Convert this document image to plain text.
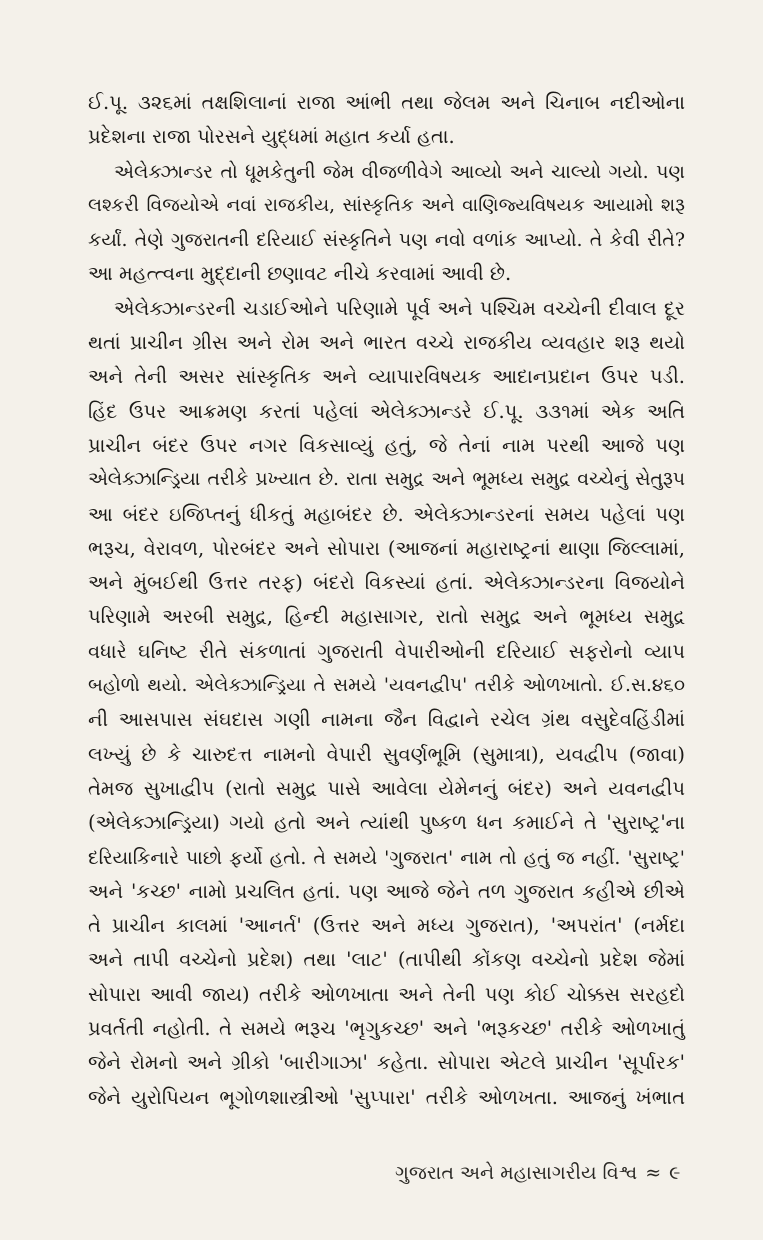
ઈ.પૂ. ૩૨૬માં તક્ષશિલાનાં રાજા આંભી તથા જેલમ અને ચિનાબ નદીઓના
પ્રદેશના રાજા પોરસને યુદ્ધમાં મહાત કર્યા હતા.
એલેક્ઝાન્ડર તો ધૂમકેતુની જેમ વીજળીવેગે આવ્યો અને ચાલ્યો ગયો. પણ
લશ્કરી વિજયોએ નવાં રાજકીય, સાંસ્કૃતિક અને વાણિજ્યવિષયક આયામો શરૂ
કર્યાં. તેણે ગુજરાતની દરિયાઈ સંસ્કૃતિને પણ નવો વળાંક આપ્યો. તે કેવી રીતે?
આ મહત્ત્વના મુદ્દાની છણાવટ નીચે કરવામાં આવી છે.
એલેક્ઝાન્ડરની ચડાઈઓને પરિણામે પૂર્વ અને પશ્ચિમ વચ્ચેની દીવાલ દૂર
થતાં પ્રાચીન ગ્રીસ અને રોમ અને ભારત વચ્ચે રાજકીય વ્યવહાર શરૂ થયો
અને તેની અસર સાંસ્કૃતિક અને વ્યાપારવિષયક આદાનપ્રદાન ઉપર પડી.
હિંદ ઉપર આક્રમણ કરતાં પહેલાં એલેક્ઝાન્ડરે ઈ.પૂ. ૩૩૧માં એક અતિ
પ્રાચીન બંદર ઉપર નગર વિકસાવ્યું હતું, જે તેનાં નામ પરથી આજે પણ
એલેક્ઝાન્ડ્રિયા તરીકે પ્રખ્યાત છે. રાતા સમુદ્ર અને ભૂમધ્ય સમુદ્ર વચ્ચેનું સેતુરૂપ
આ બંદર ઇજિપ્તનું ધીકતું મહાબંદર છે. એલેક્ઝાન્ડરનાં સમય પહેલાં પણ
ભરૂચ, વેરાવળ, પોરબંદર અને સોપારા (આજનાં મહારાષ્ટ્રનાં થાણા જિલ્લામાં,
અને મુંબઈથી ઉત્તર તરફ) બંદરો વિકસ્યાં હતાં. એલેક્ઝાન્ડરના વિજયોને
પરિણામે અરબી સમુદ્ર, હિન્દી મહાસાગર, રાતો સમુદ્ર અને ભૂમધ્ય સમુદ્ર
વધારે ઘનિષ્ટ રીતે સંકળાતાં ગુજરાતી વેપારીઓની દરિયાઈ સફરોનો વ્યાપ
બહોળો થયો. એલેક્ઝાન્ડ્રિયા તે સમયે 'યવનદ્વીપ' તરીકે ઓળખાતો. ઈ.સ.૪૬૦
ની આસપાસ સંઘદાસ ગણી નામના જૈન વિદ્વાને રચેલ ગ્રંથ વસુદેવહિંડીમાં
લખ્યું છે કે ચારુદત્ત નામનો વેપારી સુવર્ણભૂમિ (સુમાત્રા), યવદ્વીપ (જાવા)
તેમજ સુખાદ્વીપ (રાતો સમુદ્ર પાસે આવેલા યેમેનનું બંદર) અને યવનદ્વીપ
(એલેક્ઝાન્ડ્રિયા) ગયો હતો અને ત્યાંથી પુષ્કળ ધન કમાઈને તે 'સુરાષ્ટ્ર'ના
દરિયાકિનારે પાછો ફર્યો હતો. તે સમયે 'ગુજરાત' નામ તો હતું જ નહીં. 'સુરાષ્ટ્ર'
અને 'કચ્છ' નામો પ્રચલિત હતાં. પણ આજે જેને તળ ગુજરાત કહીએ છીએ
તે પ્રાચીન કાલમાં 'આનર્ત' (ઉત્તર અને મધ્ય ગુજરાત), 'અપરાંત' (નર્મદા
અને તાપી વચ્ચેનો પ્રદેશ) તથા 'લાટ' (તાપીથી કોંકણ વચ્ચેનો પ્રદેશ જેમાં
સોપારા આવી જાય) તરીકે ઓળખાતા અને તેની પણ કોઈ ચોક્કસ સરહદો
પ્રવર્તતી નહોતી. તે સમયે ભરૂચ 'ભૃગુકચ્છ' અને 'ભરૂકચ્છ' તરીકે ઓળખાતું
જેને રોમનો અને ગ્રીકો 'બારીગાઝા' કહેતા. સોપારા એટલે પ્રાચીન 'સૂર્પારક'
જેને યુરોપિયન ભૂગોળશાસ્ત્રીઓ 'સુપ્પારા' તરીકે ઓળખતા. આજનું ખંભાત
ગુજરાત અને મહાસાગરીય વિશ્વ ≈ ૯
